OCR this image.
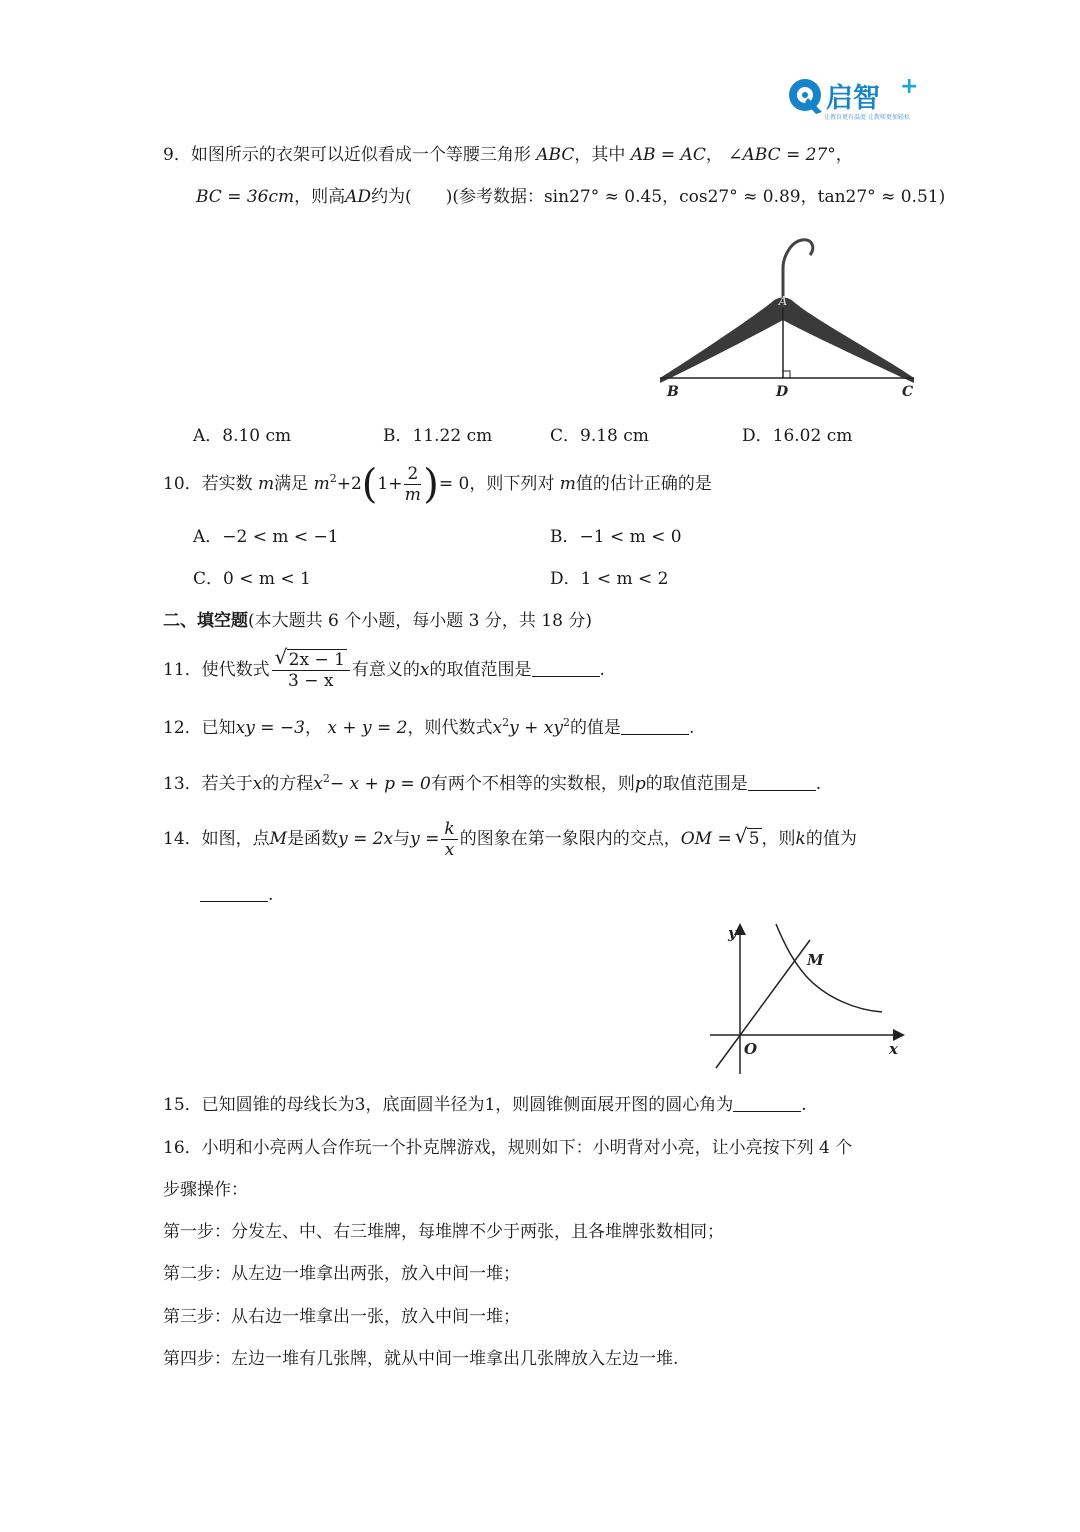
启智 +
让教育更有温度·让教师更加轻松
9．如图所示的衣架可以近似看成一个等腰三角形 ABC，其中 AB = AC， ∠ABC = 27°，
BC = 36cm，则高AD约为(　　)(参考数据：sin27° ≈ 0.45，cos27° ≈ 0.89，tan27° ≈ 0.51)
A
B	D	C
A．8.10 cm	B．11.22 cm	C．9.18 cm	D．16.02 cm
10．若实数 m满足 $m^2+2(1+ \frac{2}{m}$ )= 0，则下列对 m值的估计正确的是
A．−2 < m < −1	B．−1 < m < 0
C．0 < m < 1	D．1 < m < 2
二、填空题(本大题共 6 个小题，每小题 3 分，共 18 分)
11．使代数式 $\frac{√ 2x - 1}{3 - x}$ 有意义的x的取值范围是	.
12．已知xy = −3， x + y = 2，则代数式$x^2y + xy^2$的值是	.
13．若关于x的方程$x^2- x + p = 0$有两个不相等的实数根，则p的取值范围是	.
14．如图，点M是函数y = 2x与$y = \frac{k}{x}$ 的图象在第一象限内的交点，OM = √ 5 ，则k的值为
.
y
x
O
M
15．已知圆锥的母线长为3，底面圆半径为1，则圆锥侧面展开图的圆心角为	.
16．小明和小亮两人合作玩一个扑克牌游戏，规则如下：小明背对小亮，让小亮按下列 4 个
步骤操作：
第一步：分发左、中、右三堆牌，每堆牌不少于两张，且各堆牌张数相同；
第二步：从左边一堆拿出两张，放入中间一堆；
第三步：从右边一堆拿出一张，放入中间一堆；
第四步：左边一堆有几张牌，就从中间一堆拿出几张牌放入左边一堆.
